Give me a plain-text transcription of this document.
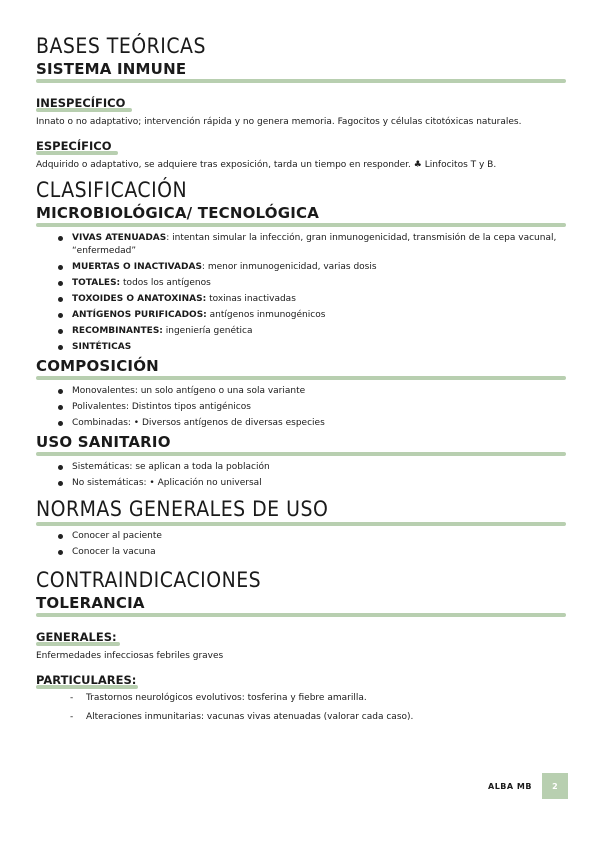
BASES TEÓRICAS
SISTEMA INMUNE
INESPECÍFICO

Innato o no adaptativo; intervención rápida y no genera memoria. Fagocitos y células citotóxicas naturales.

ESPECÍFICO

Adquirido o adaptativo, se adquiere tras exposición, tarda un tiempo en responder. ♣ Linfocitos T y B.

CLASIFICACIÓN
MICROBIOLÓGICA/ TECNOLÓGICA
VIVAS ATENUADAS: intentan simular la infección, gran inmunogenicidad, transmisión de la cepa vacunal, “enfermedad”
MUERTAS O INACTIVADAS: menor inmunogenicidad, varias dosis
TOTALES: todos los antígenos
TOXOIDES O ANATOXINAS: toxinas inactivadas
ANTÍGENOS PURIFICADOS: antígenos inmunogénicos
RECOMBINANTES: ingeniería genética
SINTÉTICAS
COMPOSICIÓN
Monovalentes: un solo antígeno o una sola variante
Polivalentes: Distintos tipos antigénicos
Combinadas: • Diversos antígenos de diversas especies
USO SANITARIO
Sistemáticas: se aplican a toda la población
No sistemáticas: • Aplicación no universal
NORMAS GENERALES DE USO
Conocer al paciente
Conocer la vacuna
CONTRAINDICACIONES
TOLERANCIA
GENERALES:

Enfermedades infecciosas febriles graves

PARTICULARES:
- Trastornos neurológicos evolutivos: tosferina y fiebre amarilla.
- Alteraciones inmunitarias: vacunas vivas atenuadas (valorar cada caso).
ALBA MB	2
